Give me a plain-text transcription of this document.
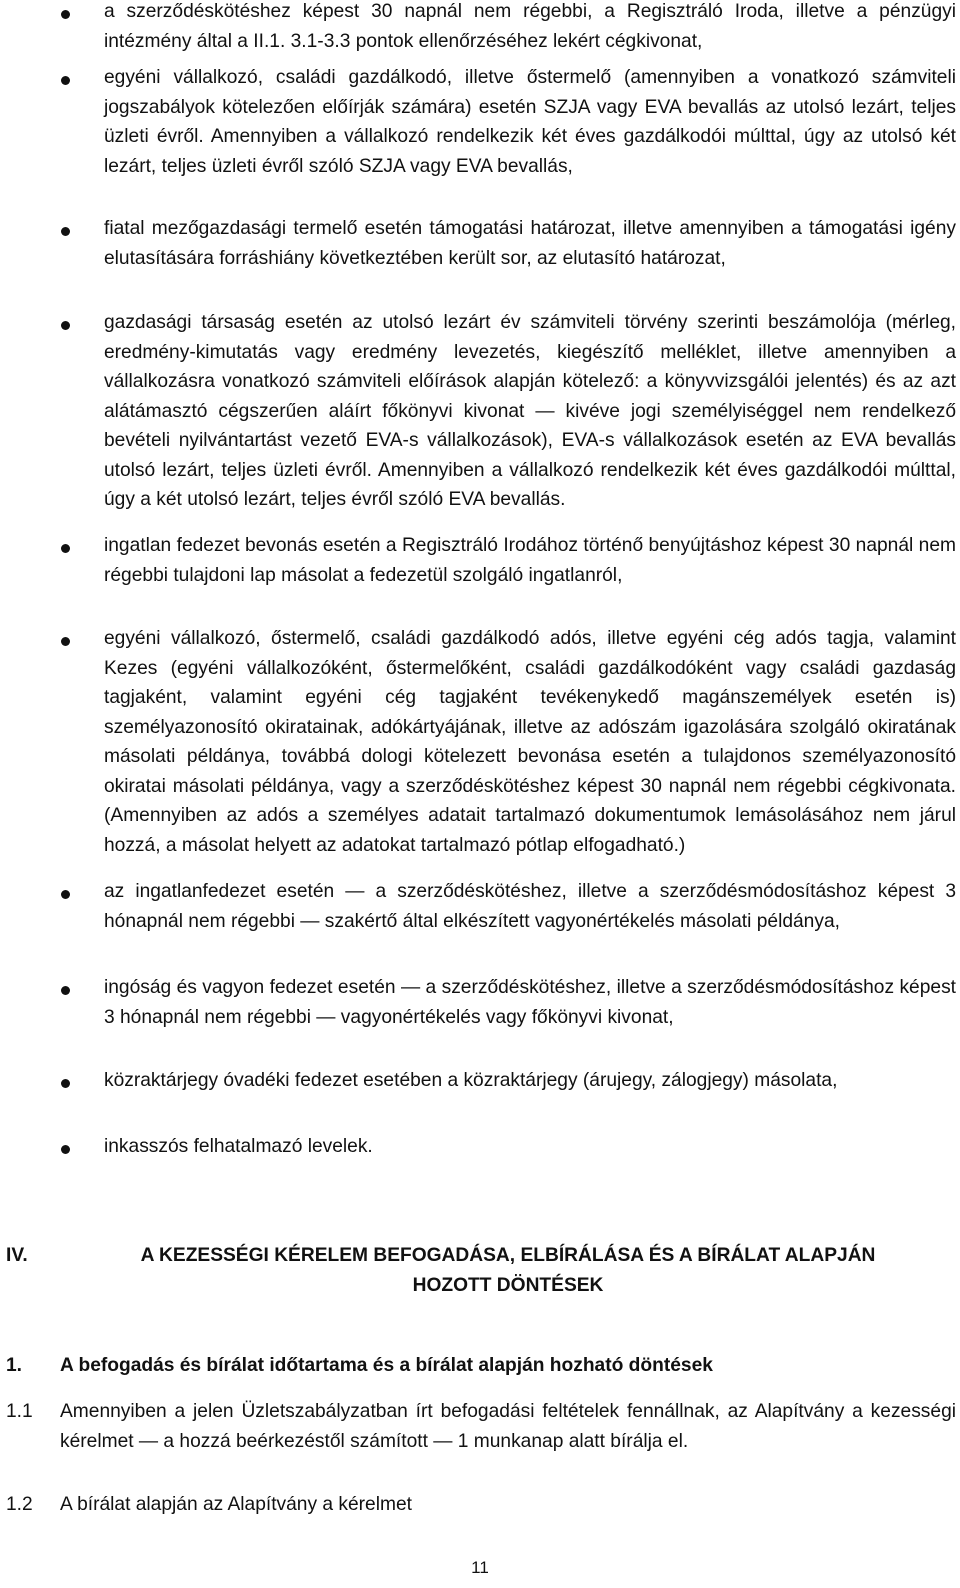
a szerződéskötéshez képest 30 napnál nem régebbi, a Regisztráló Iroda, illetve a pénzügyi intézmény által a II.1. 3.1-3.3 pontok ellenőrzéséhez lekért cégkivonat,

egyéni vállalkozó, családi gazdálkodó, illetve őstermelő (amennyiben a vonatkozó számviteli jogszabályok kötelezően előírják számára) esetén SZJA vagy EVA bevallás az utolsó lezárt, teljes üzleti évről. Amennyiben a vállalkozó rendelkezik két éves gazdálkodói múlttal, úgy az utolsó két lezárt, teljes üzleti évről szóló SZJA vagy EVA bevallás,

fiatal mezőgazdasági termelő esetén támogatási határozat, illetve amennyiben a támogatási igény elutasítására forráshiány következtében került sor, az elutasító határozat,

gazdasági társaság esetén az utolsó lezárt év számviteli törvény szerinti beszámolója (mérleg, eredmény-kimutatás vagy eredmény levezetés, kiegészítő melléklet, illetve amennyiben a vállalkozásra vonatkozó számviteli előírások alapján kötelező: a könyvvizsgálói jelentés) és az azt alátámasztó cégszerűen aláírt főkönyvi kivonat — kivéve jogi személyiséggel nem rendelkező bevételi nyilvántartást vezető EVA-s vállalkozások), EVA-s vállalkozások esetén az EVA bevallás utolsó lezárt, teljes üzleti évről. Amennyiben a vállalkozó rendelkezik két éves gazdálkodói múlttal, úgy a két utolsó lezárt, teljes évről szóló EVA bevallás.

ingatlan fedezet bevonás esetén a Regisztráló Irodához történő benyújtáshoz képest 30 napnál nem régebbi tulajdoni lap másolat a fedezetül szolgáló ingatlanról,

egyéni vállalkozó, őstermelő, családi gazdálkodó adós, illetve egyéni cég adós tagja, valamint Kezes (egyéni vállalkozóként, őstermelőként, családi gazdálkodóként vagy családi gazdaság tagjaként, valamint egyéni cég tagjaként tevékenykedő magánszemélyek esetén is) személyazonosító okiratainak, adókártyájának, illetve az adószám igazolására szolgáló okiratának másolati példánya, továbbá dologi kötelezett bevonása esetén a tulajdonos személyazonosító okiratai másolati példánya, vagy a szerződéskötéshez képest 30 napnál nem régebbi cégkivonata. (Amennyiben az adós a személyes adatait tartalmazó dokumentumok lemásolásához nem járul hozzá, a másolat helyett az adatokat tartalmazó pótlap elfogadható.)

az ingatlanfedezet esetén — a szerződéskötéshez, illetve a szerződésmódosításhoz képest 3 hónapnál nem régebbi — szakértő által elkészített vagyonértékelés másolati példánya,

ingóság és vagyon fedezet esetén — a szerződéskötéshez, illetve a szerződésmódosításhoz képest 3 hónapnál nem régebbi — vagyonértékelés vagy főkönyvi kivonat,

közraktárjegy óvadéki fedezet esetében a közraktárjegy (árujegy, zálogjegy) másolata,

inkasszós felhatalmazó levelek.

IV.	A KEZESSÉGI KÉRELEM BEFOGADÁSA, ELBÍRÁLÁSA ÉS A BÍRÁLAT ALAPJÁN
HOZOTT DÖNTÉSEK
1. A befogadás és bírálat időtartama és a bírálat alapján hozható döntések
1.1 Amennyiben a jelen Üzletszabályzatban írt befogadási feltételek fennállnak, az Alapítvány a kezességi kérelmet — a hozzá beérkezéstől számított — 1 munkanap alatt bírálja el.
1.2 A bírálat alapján az Alapítvány a kérelmet
11
